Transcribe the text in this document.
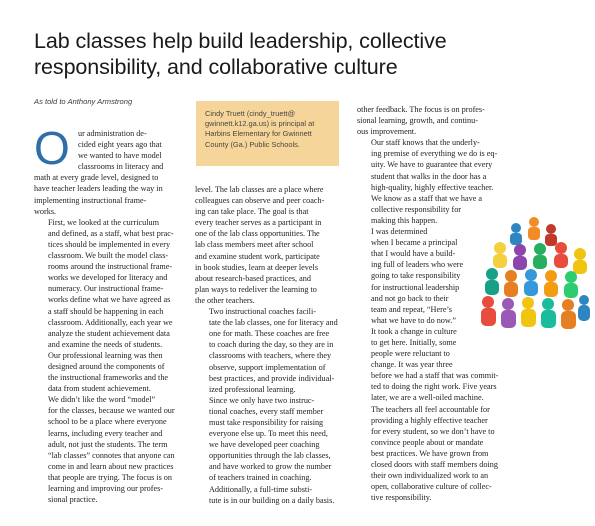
Lab classes help build leadership, collective responsibility, and collaborative culture
As told to Anthony Armstrong
Cindy Truett (cindy_truett@ gwinnett.k12.ga.us) is principal at Harbins Elementary for Gwinnett County (Ga.) Public Schools.

O	ur administration de-
cided eight years ago that
we wanted to have model
classrooms in literacy and
math at every grade level, designed to
have teacher leaders leading the way in
implementing instructional frame-
works.

First, we looked at the curriculum
and defined, as a staff, what best prac-
tices should be implemented in every
classroom. We built the model class-
rooms around the instructional frame-
works we developed for literacy and
numeracy. Our instructional frame-
works define what we have agreed as
a staff should be happening in each
classroom. Additionally, each year we
analyze the student achievement data
and examine the needs of students.
Our professional learning was then
designed around the components of
the instructional frameworks and the
data from student achievement.

We didn’t like the word “model”
for the classes, because we wanted our
school to be a place where everyone
learns, including every teacher and
adult, not just the students. The term
“lab classes” connotes that anyone can
come in and learn about new practices
that people are trying. The focus is on
learning and improving our profes-
sional practice.

level. The lab classes are a place where
colleagues can observe and peer coach-
ing can take place. The goal is that
every teacher serves as a participant in
one of the lab class opportunities. The
lab class members meet after school
and examine student work, participate
in book studies, learn at deeper levels
about research-based practices, and
plan ways to redeliver the learning to
the other teachers.

Two instructional coaches facili-
tate the lab classes, one for literacy and
one for math. These coaches are free
to coach during the day, so they are in
classrooms with teachers, where they
observe, support implementation of
best practices, and provide individual-
ized professional learning.

Since we only have two instruc-
tional coaches, every staff member
must take responsibility for raising
everyone else up. To meet this need,
we have developed peer coaching
opportunities through the lab classes,
and have worked to grow the number
of teachers trained in coaching.

Additionally, a full-time substi-
tute is in our building on a daily basis.

other feedback. The focus is on profes-
sional learning, growth, and continu-
ous improvement.

Our staff knows that the underly-
ing premise of everything we do is eq-
uity. We have to guarantee that every
student that walks in the door has a
high-quality, highly effective teacher.
We know as a staff that we have a
collective responsibility for
making this happen.

I was determined
when I became a principal
that I would have a build-
ing full of leaders who were
going to take responsibility
for instructional leadership
and not go back to their
team and repeat, “Here’s
what we have to do now.”
It took a change in culture
to get here. Initially, some
people were reluctant to
change. It was year three
before we had a staff that was commit-
ted to doing the right work. Five years
later, we are a well-oiled machine.
The teachers all feel accountable for
providing a highly effective teacher
for every student, so we don’t have to
convince people about or mandate
best practices. We have grown from
closed doors with staff members doing
their own individualized work to an
open, collaborative culture of collec-
tive responsibility.
